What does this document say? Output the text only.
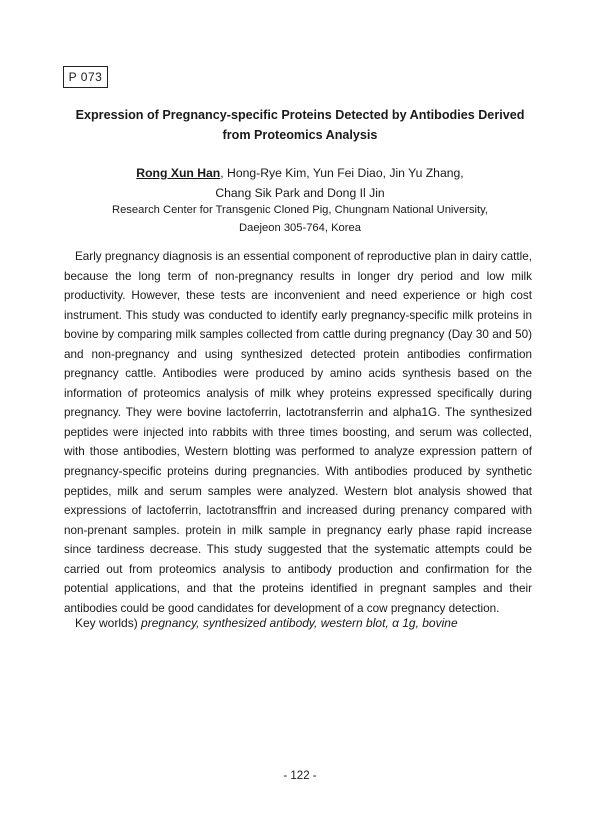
P 073
Expression of Pregnancy-specific Proteins Detected by Antibodies Derived from Proteomics Analysis
Rong Xun Han, Hong-Rye Kim, Yun Fei Diao, Jin Yu Zhang,
Chang Sik Park and Dong Il Jin
Research Center for Transgenic Cloned Pig, Chungnam National University,
Daejeon 305-764, Korea

Early pregnancy diagnosis is an essential component of reproductive plan in dairy cattle, because the long term of non-pregnancy results in longer dry period and low milk productivity. However, these tests are inconvenient and need experience or high cost instrument. This study was conducted to identify early pregnancy-specific milk proteins in bovine by comparing milk samples collected from cattle during pregnancy (Day 30 and 50) and non-pregnancy and using synthesized detected protein antibodies confirmation pregnancy cattle. Antibodies were produced by amino acids synthesis based on the information of proteomics analysis of milk whey proteins expressed specifically during pregnancy. They were bovine lactoferrin, lactotransferrin and alpha1G. The synthesized peptides were injected into rabbits with three times boosting, and serum was collected, with those antibodies, Western blotting was performed to analyze expression pattern of pregnancy-specific proteins during pregnancies. With antibodies produced by synthetic peptides, milk and serum samples were analyzed. Western blot analysis showed that expressions of lactoferrin, lactotransffrin and increased during prenancy compared with non-prenant samples. protein in milk sample in pregnancy early phase rapid increase since tardiness decrease. This study suggested that the systematic attempts could be carried out from proteomics analysis to antibody production and confirmation for the potential applications, and that the proteins identified in pregnant samples and their antibodies could be good candidates for development of a cow pregnancy detection.

Key worlds) pregnancy, synthesized antibody, western blot, α 1g, bovine
- 122 -
